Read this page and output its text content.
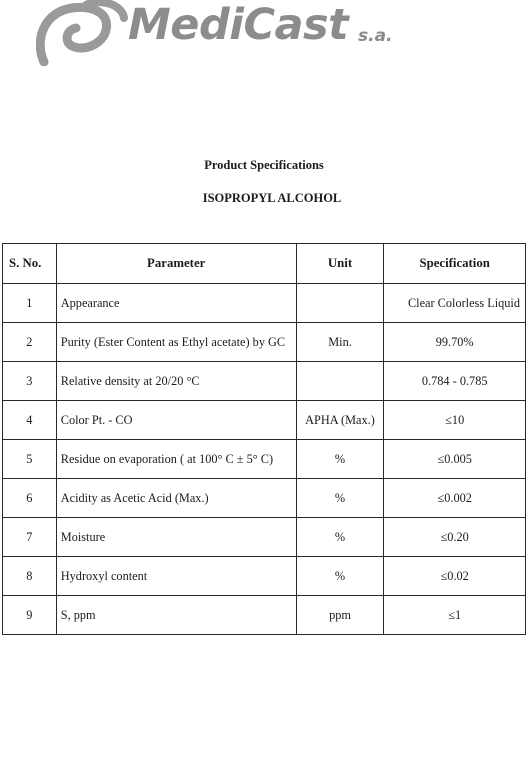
MediCast s.a.
Product Specifications
ISOPROPYL ALCOHOL
S. No.	Parameter	Unit	Specification
1	Appearance		Clear Colorless Liquid
2	Purity (Ester Content as Ethyl acetate) by GC	Min.	99.70%
3	Relative density at 20/20 °C		0.784 - 0.785
4	Color Pt. - CO	APHA (Max.)	≤10
5	Residue on evaporation ( at 100° C ± 5° C)	%	≤0.005
6	Acidity as Acetic Acid (Max.)	%	≤0.002
7	Moisture	%	≤0.20
8	Hydroxyl content	%	≤0.02
9	S, ppm	ppm	≤1
